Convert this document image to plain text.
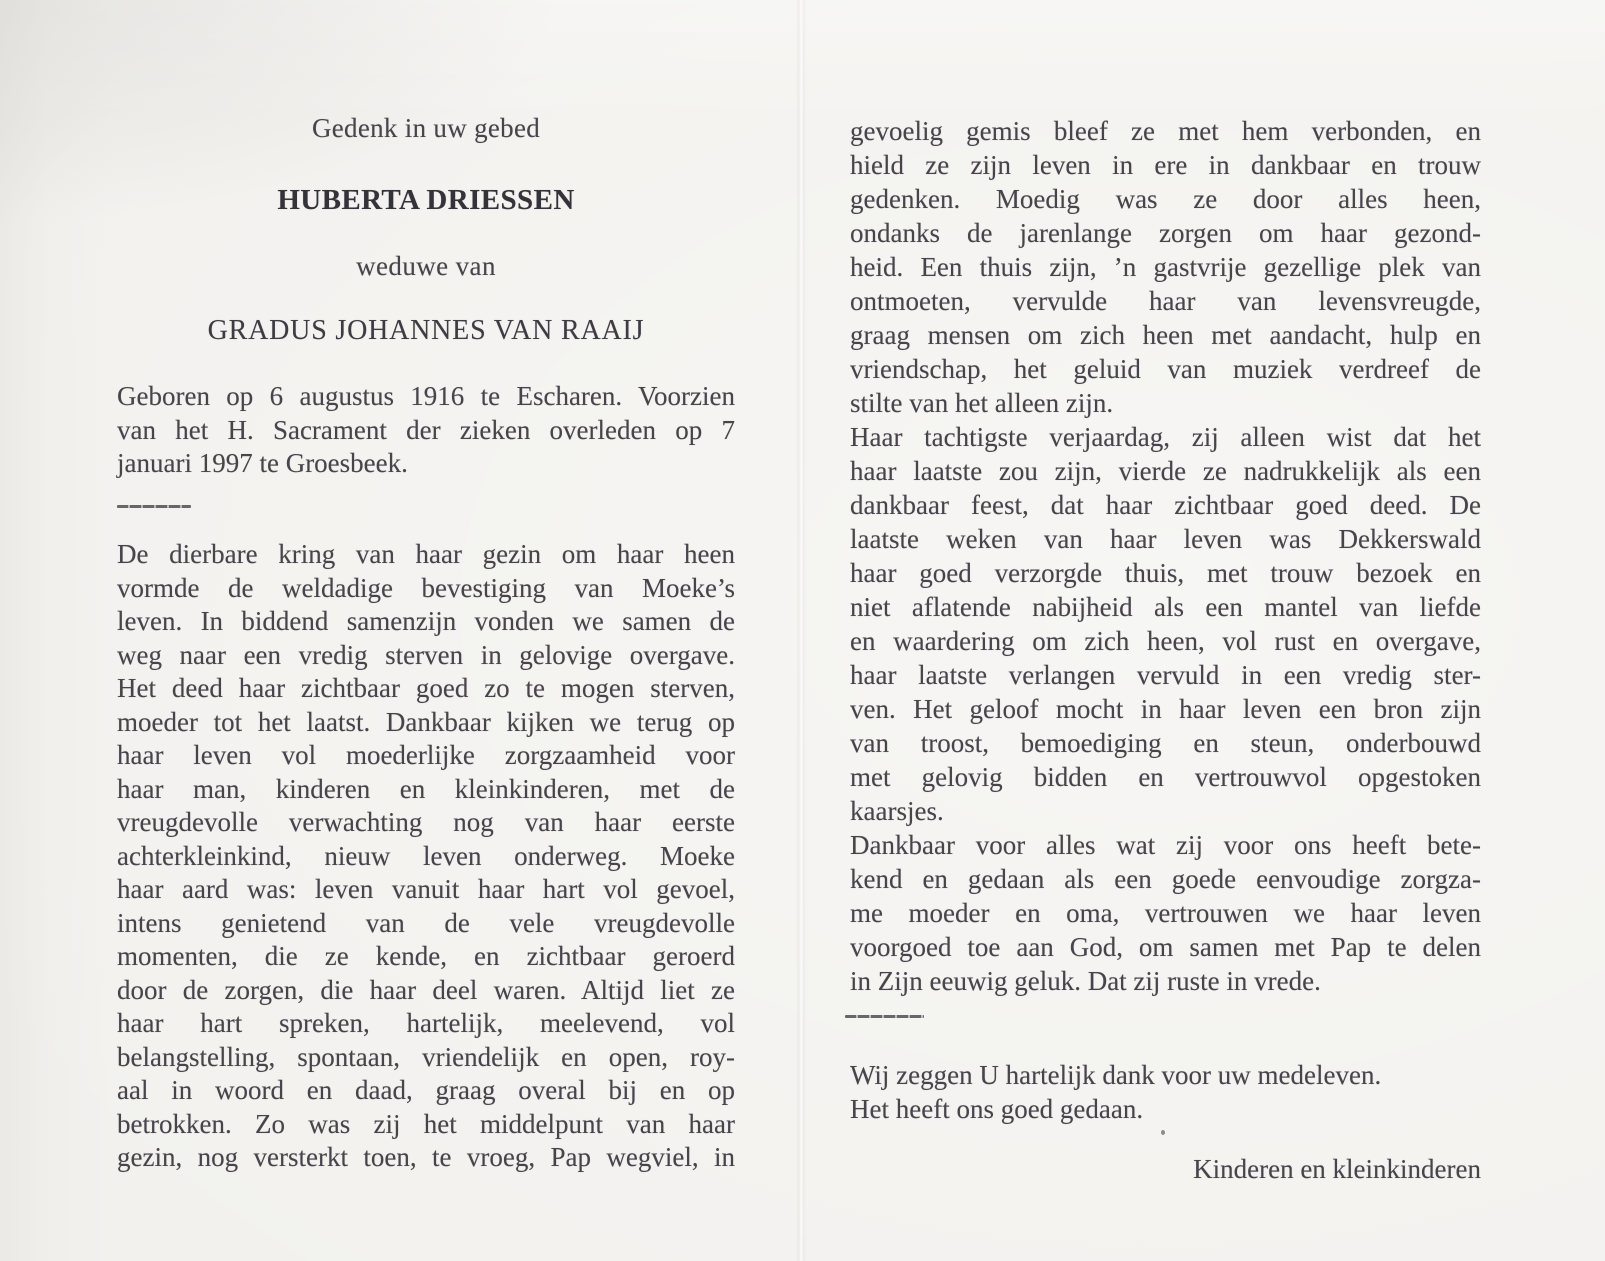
Gedenk in uw gebed
HUBERTA DRIESSEN
weduwe van
GRADUS JOHANNES VAN RAAIJ
Geboren op 6 augustus 1916 te Escharen. Voorzien
van het H. Sacrament der zieken overleden op 7
januari 1997 te Groesbeek.
De dierbare kring van haar gezin om haar heen
vormde de weldadige bevestiging van Moeke’s
leven. In biddend samenzijn vonden we samen de
weg naar een vredig sterven in gelovige overgave.
Het deed haar zichtbaar goed zo te mogen sterven,
moeder tot het laatst. Dankbaar kijken we terug op
haar leven vol moederlijke zorgzaamheid voor
haar man, kinderen en kleinkinderen, met de
vreugdevolle verwachting nog van haar eerste
achterkleinkind, nieuw leven onderweg. Moeke
haar aard was: leven vanuit haar hart vol gevoel,
intens genietend van de vele vreugdevolle
momenten, die ze kende, en zichtbaar geroerd
door de zorgen, die haar deel waren. Altijd liet ze
haar hart spreken, hartelijk, meelevend, vol
belangstelling, spontaan, vriendelijk en open, roy-
aal in woord en daad, graag overal bij en op
betrokken. Zo was zij het middelpunt van haar
gezin, nog versterkt toen, te vroeg, Pap wegviel, in
gevoelig gemis bleef ze met hem verbonden, en
hield ze zijn leven in ere in dankbaar en trouw
gedenken. Moedig was ze door alles heen,
ondanks de jarenlange zorgen om haar gezond-
heid. Een thuis zijn, ’n gastvrije gezellige plek van
ontmoeten, vervulde haar van levensvreugde,
graag mensen om zich heen met aandacht, hulp en
vriendschap, het geluid van muziek verdreef de
stilte van het alleen zijn.
Haar tachtigste verjaardag, zij alleen wist dat het
haar laatste zou zijn, vierde ze nadrukkelijk als een
dankbaar feest, dat haar zichtbaar goed deed. De
laatste weken van haar leven was Dekkerswald
haar goed verzorgde thuis, met trouw bezoek en
niet aflatende nabijheid als een mantel van liefde
en waardering om zich heen, vol rust en overgave,
haar laatste verlangen vervuld in een vredig ster-
ven. Het geloof mocht in haar leven een bron zijn
van troost, bemoediging en steun, onderbouwd
met gelovig bidden en vertrouwvol opgestoken
kaarsjes.
Dankbaar voor alles wat zij voor ons heeft bete-
kend en gedaan als een goede eenvoudige zorgza-
me moeder en oma, vertrouwen we haar leven
voorgoed toe aan God, om samen met Pap te delen
in Zijn eeuwig geluk. Dat zij ruste in vrede.
Wij zeggen U hartelijk dank voor uw medeleven.
Het heeft ons goed gedaan.
Kinderen en kleinkinderen
